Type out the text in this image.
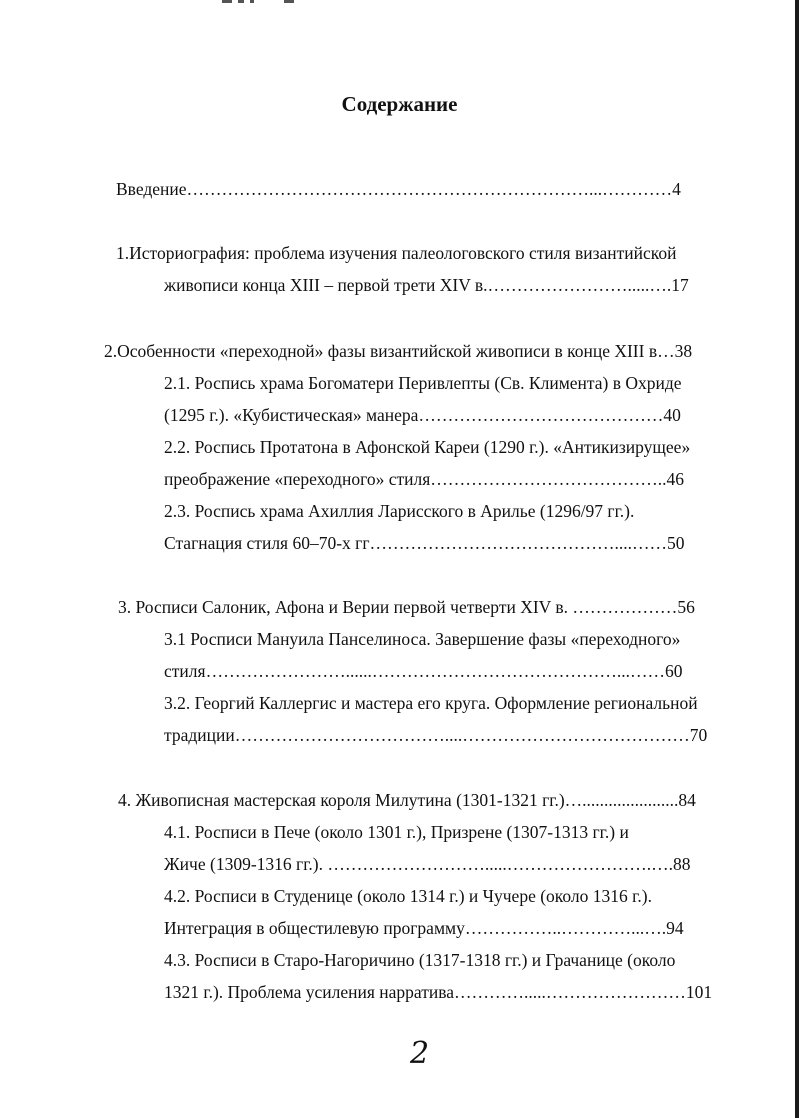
Содержание
Введение……………………………………………………………...…………4
1.Историография: проблема изучения палеологовского стиля византийской
живописи конца XIII – первой трети XIV в.…………………….....….17
2.Особенности «переходной» фазы византийской живописи в конце XIII в…38
2.1. Роспись храма Богоматери Перивлепты (Св. Климента) в Охриде
(1295 г.). «Кубистическая» манера……………………………………40
2.2. Роспись Протатона в Афонской Кареи (1290 г.). «Антикизирущее»
преображение «переходного» стиля…………………………………..46
2.3. Роспись храма Ахиллия Ларисского в Арилье (1296/97 гг.).
Стагнация стиля 60–70-х гг……………………………………....……50
3. Росписи Салоник, Афона и Верии первой четверти XIV в. ………………56
3.1 Росписи Мануила Панселиноса. Завершение фазы «переходного»
стиля……………………......……………………………………...……60
3.2. Георгий Каллергис и мастера его круга. Оформление региональной
традиции………………………………....…………………………………70
4. Живописная мастерская короля Милутина (1301-1321 гг.)…......................84
4.1. Росписи в Пече (около 1301 г.), Призрене (1307-1313 гг.) и
Жиче (1309-1316 гг.). ……………………….....…………………….….88
4.2. Росписи в Студенице (около 1314 г.) и Чучере (около 1316 г.).
Интеграция в общестилевую программу……………..…………...….94
4.3. Росписи в Старо-Нагоричино (1317-1318 гг.) и Грачанице (около
1321 г.). Проблема усиления нарратива………….....……………………101
2
